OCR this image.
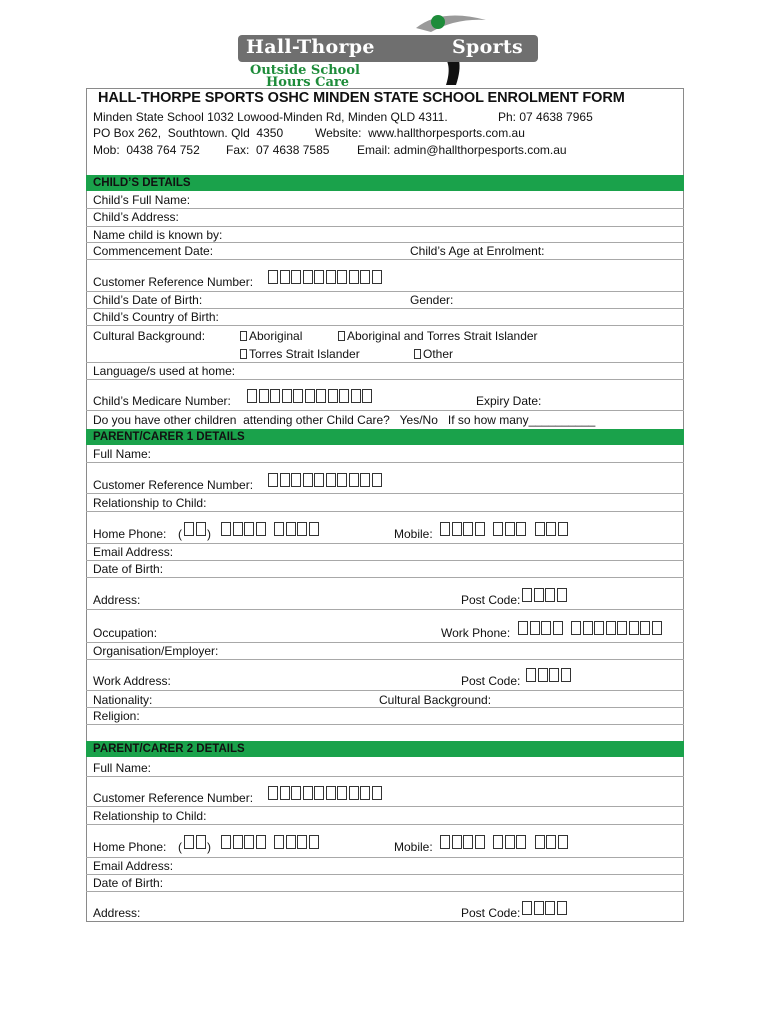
Hall-Thorpe	Sports
Outside School
Hours Care
HALL-THORPE SPORTS OSHC MINDEN STATE SCHOOL ENROLMENT FORM
Minden State School 1032 Lowood-Minden Rd, Minden QLD 4311.	Ph: 07 4638 7965
PO Box 262,  Southtown. Qld  4350	Website:  www.hallthorpesports.com.au
Mob:  0438 764 752 Fax:  07 4638 7585 Email: admin@hallthorpesports.com.au
CHILD’S DETAILS
Child’s Full Name:
Child’s Address:
Name child is known by:
Commencement Date:	Child’s Age at Enrolment:
Customer Reference Number:
Child’s Date of Birth:	Gender:
Child’s Country of Birth:
Cultural Background:	Aboriginal	Aboriginal and Torres Strait Islander
Torres Strait Islander	Other
Language/s used at home:
Child’s Medicare Number:	Expiry Date:
Do you have other children  attending other Child Care?   Yes/No   If so how many__________
PARENT/CARER 1 DETAILS
Full Name:
Customer Reference Number:
Relationship to Child:
Home Phone: ( )	Mobile:
Email Address:
Date of Birth:
Address:	Post Code:
Occupation:	Work Phone:
Organisation/Employer:
Work Address:	Post Code:
Nationality:	Cultural Background:
Religion:
PARENT/CARER 2 DETAILS
Full Name:
Customer Reference Number:
Relationship to Child:
Home Phone: ( )	Mobile:
Email Address:
Date of Birth:
Address:	Post Code:
